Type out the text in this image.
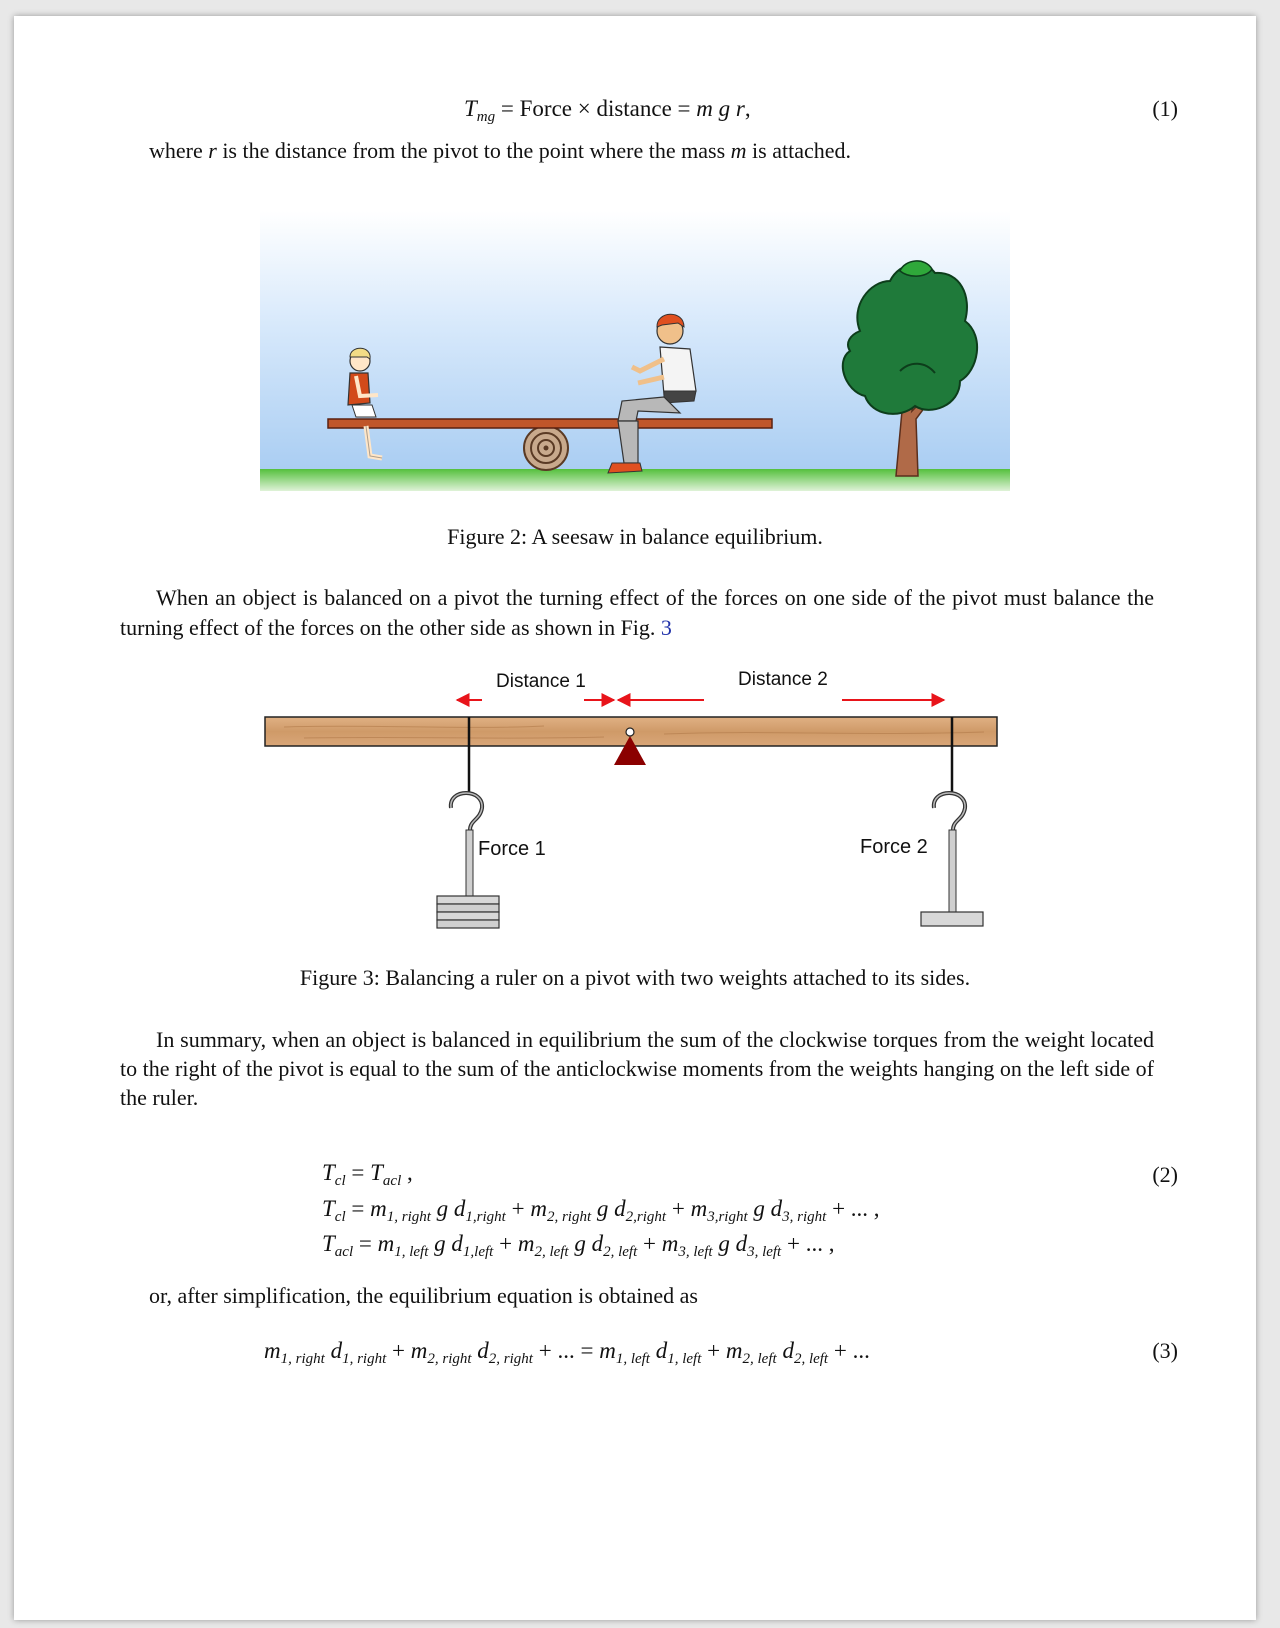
$T_{mg}$ = Force × distance = m g r,	(1)
where r is the distance from the pivot to the point where the mass m is attached.
Figure 2: A seesaw in balance equilibrium.
When an object is balanced on a pivot the turning effect of the forces on one side of the pivot must balance the turning effect of the forces on the other side as shown in Fig. 3
Distance 1	Distance 2
Force 1	Force 2
Figure 3: Balancing a ruler on a pivot with two weights attached to its sides.
In summary, when an object is balanced in equilibrium the sum of the clockwise torques from the weight located to the right of the pivot is equal to the sum of the anticlockwise moments from the weights hanging on the left side of the ruler.
$T_{cl} = T_{acl}$ ,	(2)
$T_{cl} = m_{1, right}$ g $d_{1,right} + m_{2, right}$ g $d_{2,right} + m_{3,right}$ g $d_{3, right}$ + ... ,
$T_{acl} = m_{1, left}$ g $d_{1,left} + m_{2, left}$ g $d_{2, left} + m_{3, left}$ g $d_{3, left}$ + ... ,
or, after simplification, the equilibrium equation is obtained as
$m_{1, right}$ $d_{1, right} + m_{2, right}$ $d_{2, right}$ + ... = $m_{1, left}$ $d_{1, left} + m_{2, left}$ $d_{2, left}$ + ...	(3)
